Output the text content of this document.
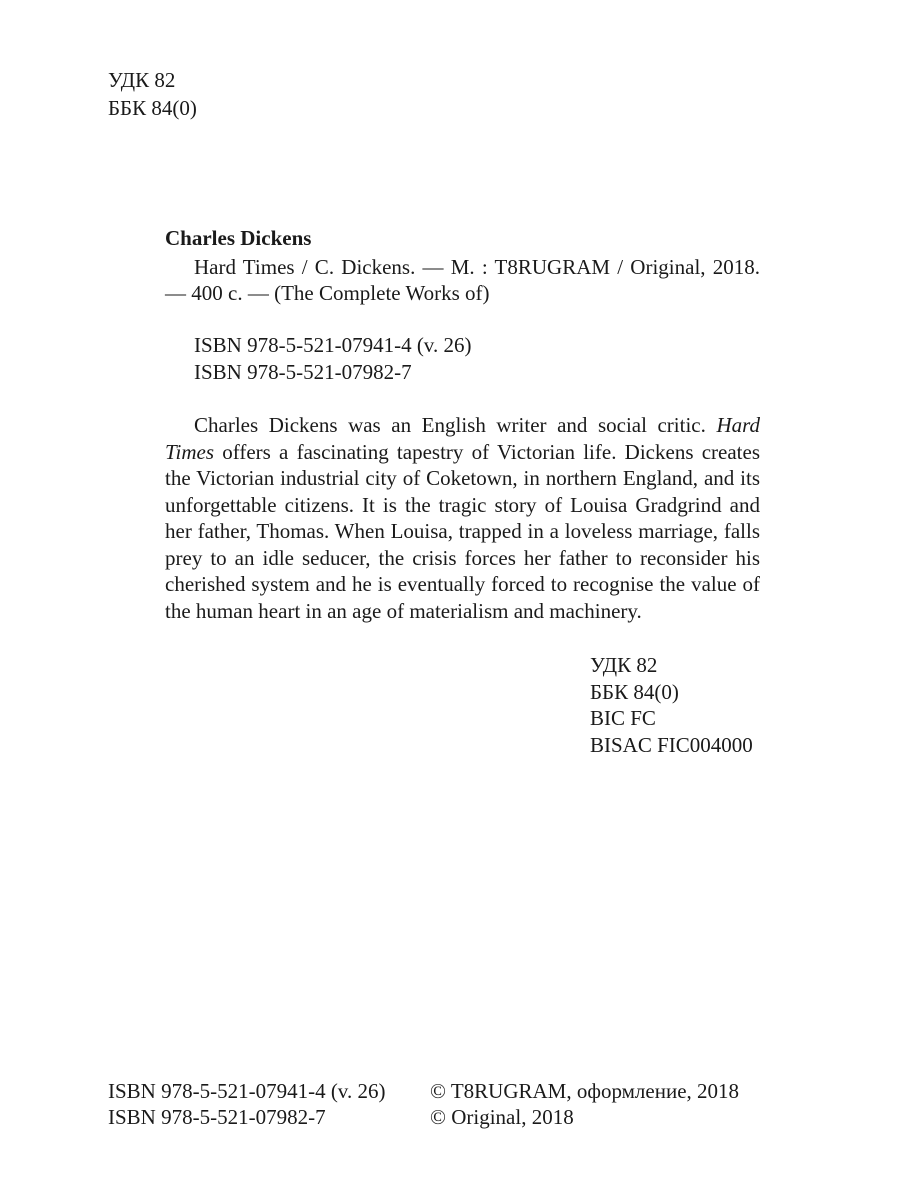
УДК 82
ББК 84(0)
Charles Dickens
Hard Times / C. Dickens. — M. : T8RUGRAM / Original, 2018. — 400 c. — (The Complete Works of)
ISBN 978-5-521-07941-4 (v. 26)
ISBN 978-5-521-07982-7
Charles Dickens was an English writer and social critic. Hard Times offers a fascinating tapestry of Victorian life. Dickens creates the Victorian industrial city of Coketown, in northern England, and its unforgettable citizens. It is the tragic story of Louisa Gradgrind and her father, Thomas. When Louisa, trapped in a loveless marriage, falls prey to an idle seducer, the crisis forces her father to reconsider his cherished system and he is eventually forced to recognise the value of the human heart in an age of materialism and machinery.
УДК 82
ББК 84(0)
BIC FC
BISAC FIC004000
ISBN 978-5-521-07941-4 (v. 26)
ISBN 978-5-521-07982-7
© T8RUGRAM, оформление, 2018
© Original, 2018
